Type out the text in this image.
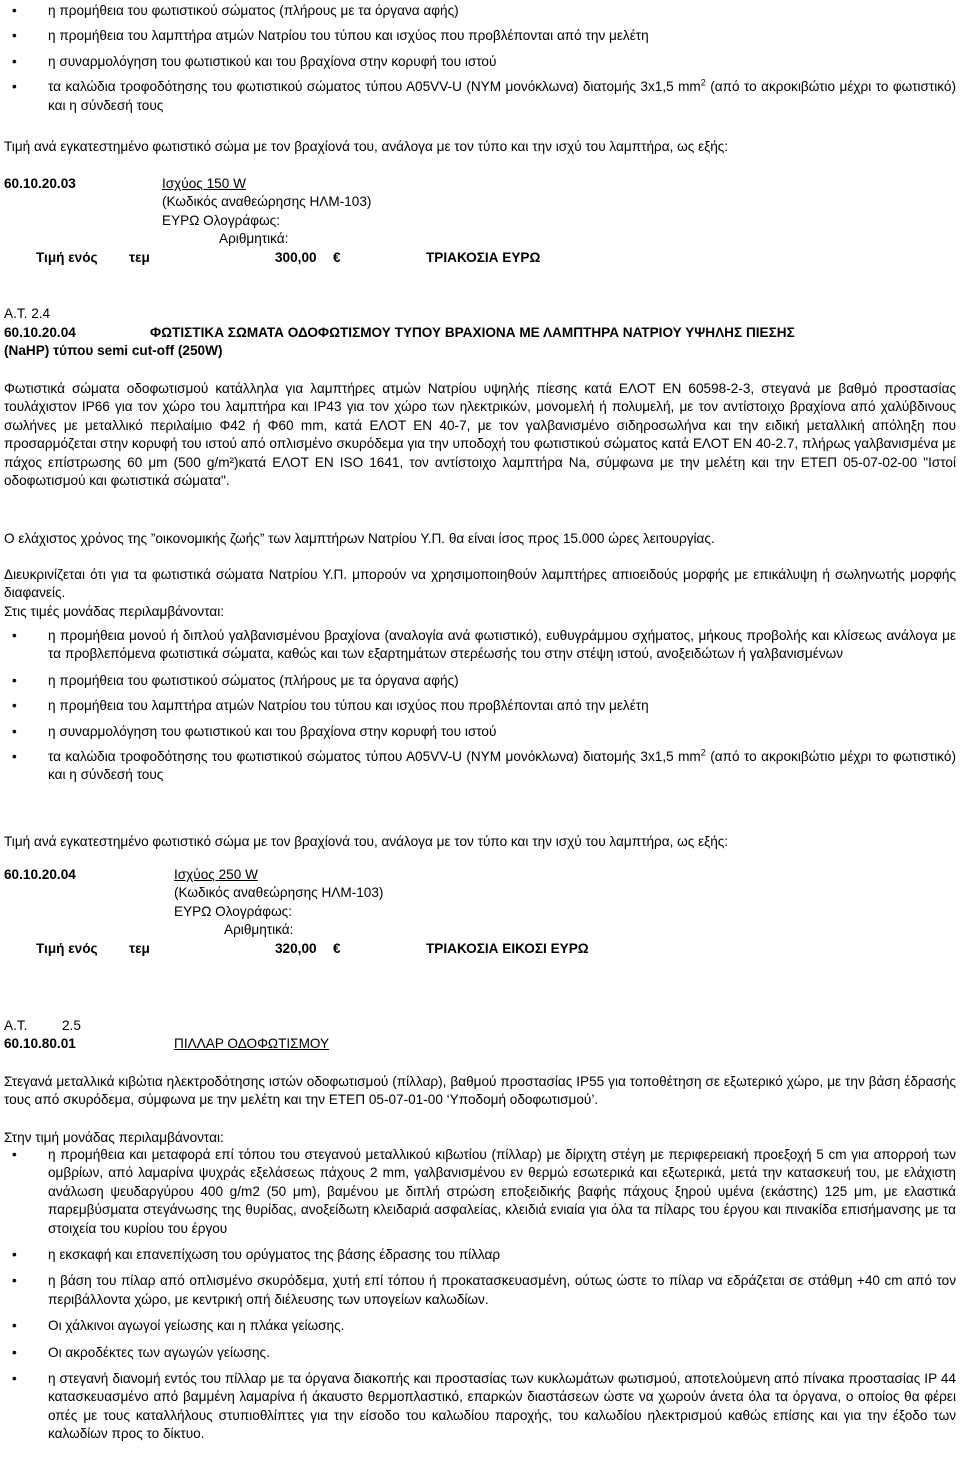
• η προμήθεια του φωτιστικού σώματος (πλήρους με τα όργανα αφής)
• η προμήθεια του λαμπτήρα ατμών Νατρίου του τύπου και ισχύος που προβλέπονται από την μελέτη
• η συναρμολόγηση του φωτιστικού και του βραχίονα στην κορυφή του ιστού
• τα καλώδια τροφοδότησης του φωτιστικού σώματος τύπου Α05VV-U (ΝΥΜ μονόκλωνα) διατομής 3x1,5 $mm^2$ (από το ακροκιβώτιο μέχρι το φωτιστικό) και η σύνδεσή τους

Τιμή ανά εγκατεστημένο φωτιστικό σώμα με τον βραχίονά του, ανάλογα με τον τύπο και την ισχύ του λαμπτήρα, ως εξής:

60.10.20.03	Ισχύος 150 W
(Κωδικός αναθεώρησης ΗΛΜ-103)
ΕΥΡΩ Ολογράφως:
Αριθμητικά:
Τιμή ενός τεμ	300,00 €	ΤΡΙΑΚΟΣΙΑ ΕΥΡΩ

Α.Τ. 2.4

60.10.20.04	ΦΩΤΙΣΤΙΚΑ ΣΩΜΑΤΑ ΟΔΟΦΩΤΙΣΜΟΥ ΤΥΠΟΥ ΒΡΑΧΙΟΝΑ ΜΕ ΛΑΜΠΤΗΡΑ ΝΑΤΡΙΟΥ ΥΨΗΛΗΣ ΠΙΕΣΗΣ
(NaHP) τύπου semi cut-off (250W)

Φωτιστικά σώματα οδοφωτισμού κατάλληλα για λαμπτήρες ατμών Νατρίου υψηλής πίεσης κατά ΕΛΟΤ ΕΝ 60598-2-3, στεγανά με βαθμό προστασίας τουλάχιστον IP66 για τον χώρο του λαμπτήρα και IP43 για τον χώρο των ηλεκτρικών, μονομελή ή πολυμελή, με τον αντίστοιχο βραχίονα από χαλύβδινους σωλήνες με μεταλλικό περιλαίμιο Φ42 ή Φ60 mm, κατά ΕΛΟΤ ΕΝ 40-7, με τον γαλβανισμένο σιδηροσωλήνα και την ειδική μεταλλική απόληξη που προσαρμόζεται στην κορυφή του ιστού από οπλισμένο σκυρόδεμα για την υποδοχή του φωτιστικού σώματος κατά ΕΛΟΤ ΕΝ 40-2.7, πλήρως γαλβανισμένα με πάχος επίστρωσης 60 μm (500 g/m²)κατά ΕΛΟΤ ΕΝ ISO 1641, τον αντίστοιχο λαμπτήρα Na, σύμφωνα με την μελέτη και την ΕΤΕΠ 05-07-02-00 "Ιστοί οδοφωτισμού και φωτιστικά σώματα".

Ο ελάχιστος χρόνος της ”οικονομικής ζωής” των λαμπτήρων Νατρίου Υ.Π. θα είναι ίσος προς 15.000 ώρες λειτουργίας.

Διευκρινίζεται ότι για τα φωτιστικά σώματα Νατρίου Υ.Π. μπορούν να χρησιμοποιηθούν λαμπτήρες απιοειδούς μορφής με επικάλυψη ή σωληνωτής μορφής διαφανείς.

Στις τιμές μονάδας περιλαμβάνονται:

• η προμήθεια μονού ή διπλού γαλβανισμένου βραχίονα (αναλογία ανά φωτιστικό), ευθυγράμμου σχήματος, μήκους προβολής και κλίσεως ανάλογα με τα προβλεπόμενα φωτιστικά σώματα, καθώς και των εξαρτημάτων στερέωσής του στην στέψη ιστού, ανοξειδώτων ή γαλβανισμένων
• η προμήθεια του φωτιστικού σώματος (πλήρους με τα όργανα αφής)
• η προμήθεια του λαμπτήρα ατμών Νατρίου του τύπου και ισχύος που προβλέπονται από την μελέτη
• η συναρμολόγηση του φωτιστικού και του βραχίονα στην κορυφή του ιστού
• τα καλώδια τροφοδότησης του φωτιστικού σώματος τύπου Α05VV-U (ΝΥΜ μονόκλωνα) διατομής 3x1,5 $mm^2$ (από το ακροκιβώτιο μέχρι το φωτιστικό) και η σύνδεσή τους

Τιμή ανά εγκατεστημένο φωτιστικό σώμα με τον βραχίονά του, ανάλογα με τον τύπο και την ισχύ του λαμπτήρα, ως εξής:

60.10.20.04	Ισχύος 250 W
(Κωδικός αναθεώρησης ΗΛΜ-103)
ΕΥΡΩ Ολογράφως:
Αριθμητικά:
Τιμή ενός τεμ	320,00 €	ΤΡΙΑΚΟΣΙΑ ΕΙΚΟΣΙ ΕΥΡΩ
Α.Τ.	2.5
60.10.80.01	ΠΙΛΛΑΡ ΟΔΟΦΩΤΙΣΜΟΥ

Στεγανά μεταλλικά κιβώτια ηλεκτροδότησης ιστών οδοφωτισμού (πίλλαρ), βαθμού προστασίας IP55 για τοποθέτηση σε εξωτερικό χώρο, με την βάση έδρασής τους από σκυρόδεμα, σύμφωνα με την μελέτη και την ΕΤΕΠ 05-07-01-00 ‘Υποδομή οδοφωτισμού’.

Στην τιμή μονάδας περιλαμβάνονται:

• η προμήθεια και μεταφορά επί τόπου του στεγανού μεταλλικού κιβωτίου (πίλλαρ) με δίριχτη στέγη με περιφερειακή προεξοχή 5 cm για απορροή των ομβρίων, από λαμαρίνα ψυχράς εξελάσεως πάχους 2 mm, γαλβανισμένου εν θερμώ εσωτερικά και εξωτερικά, μετά την κατασκευή του, με ελάχιστη ανάλωση ψευδαργύρου 400 g/m2 (50 μm), βαμένου με διπλή στρώση εποξειδικής βαφής πάχους ξηρού υμένα (εκάστης) 125 μm, με ελαστικά παρεμβύσματα στεγάνωσης της θυρίδας, ανοξείδωτη κλειδαριά ασφαλείας, κλειδιά ενιαία για όλα τα πίλαρς του έργου και πινακίδα επισήμανσης με τα στοιχεία του κυρίου του έργου
• η εκσκαφή και επανεπίχωση του ορύγματος της βάσης έδρασης του πίλλαρ
• η βάση του πίλαρ από οπλισμένο σκυρόδεμα, χυτή επί τόπου ή προκατασκευασμένη, ούτως ώστε το πίλαρ να εδράζεται σε στάθμη +40 cm από τον περιβάλλοντα χώρο, με κεντρική οπή διέλευσης των υπογείων καλωδίων.
• Οι χάλκινοι αγωγοί γείωσης και η πλάκα γείωσης.
• Οι ακροδέκτες των αγωγών γείωσης.
• η στεγανή διανομή εντός του πίλλαρ με τα όργανα διακοπής και προστασίας των κυκλωμάτων φωτισμού, αποτελούμενη από πίνακα προστασίας IP 44 κατασκευασμένο από βαμμένη λαμαρίνα ή άκαυστο θερμοπλαστικό, επαρκών διαστάσεων ώστε να χωρούν άνετα όλα τα όργανα, ο οποίος θα φέρει οπές με τους καταλλήλους στυπιοθλίπτες για την είσοδο του καλωδίου παροχής, του καλωδίου ηλεκτρισμού καθώς επίσης και για την έξοδο των καλωδίων προς το δίκτυο.
